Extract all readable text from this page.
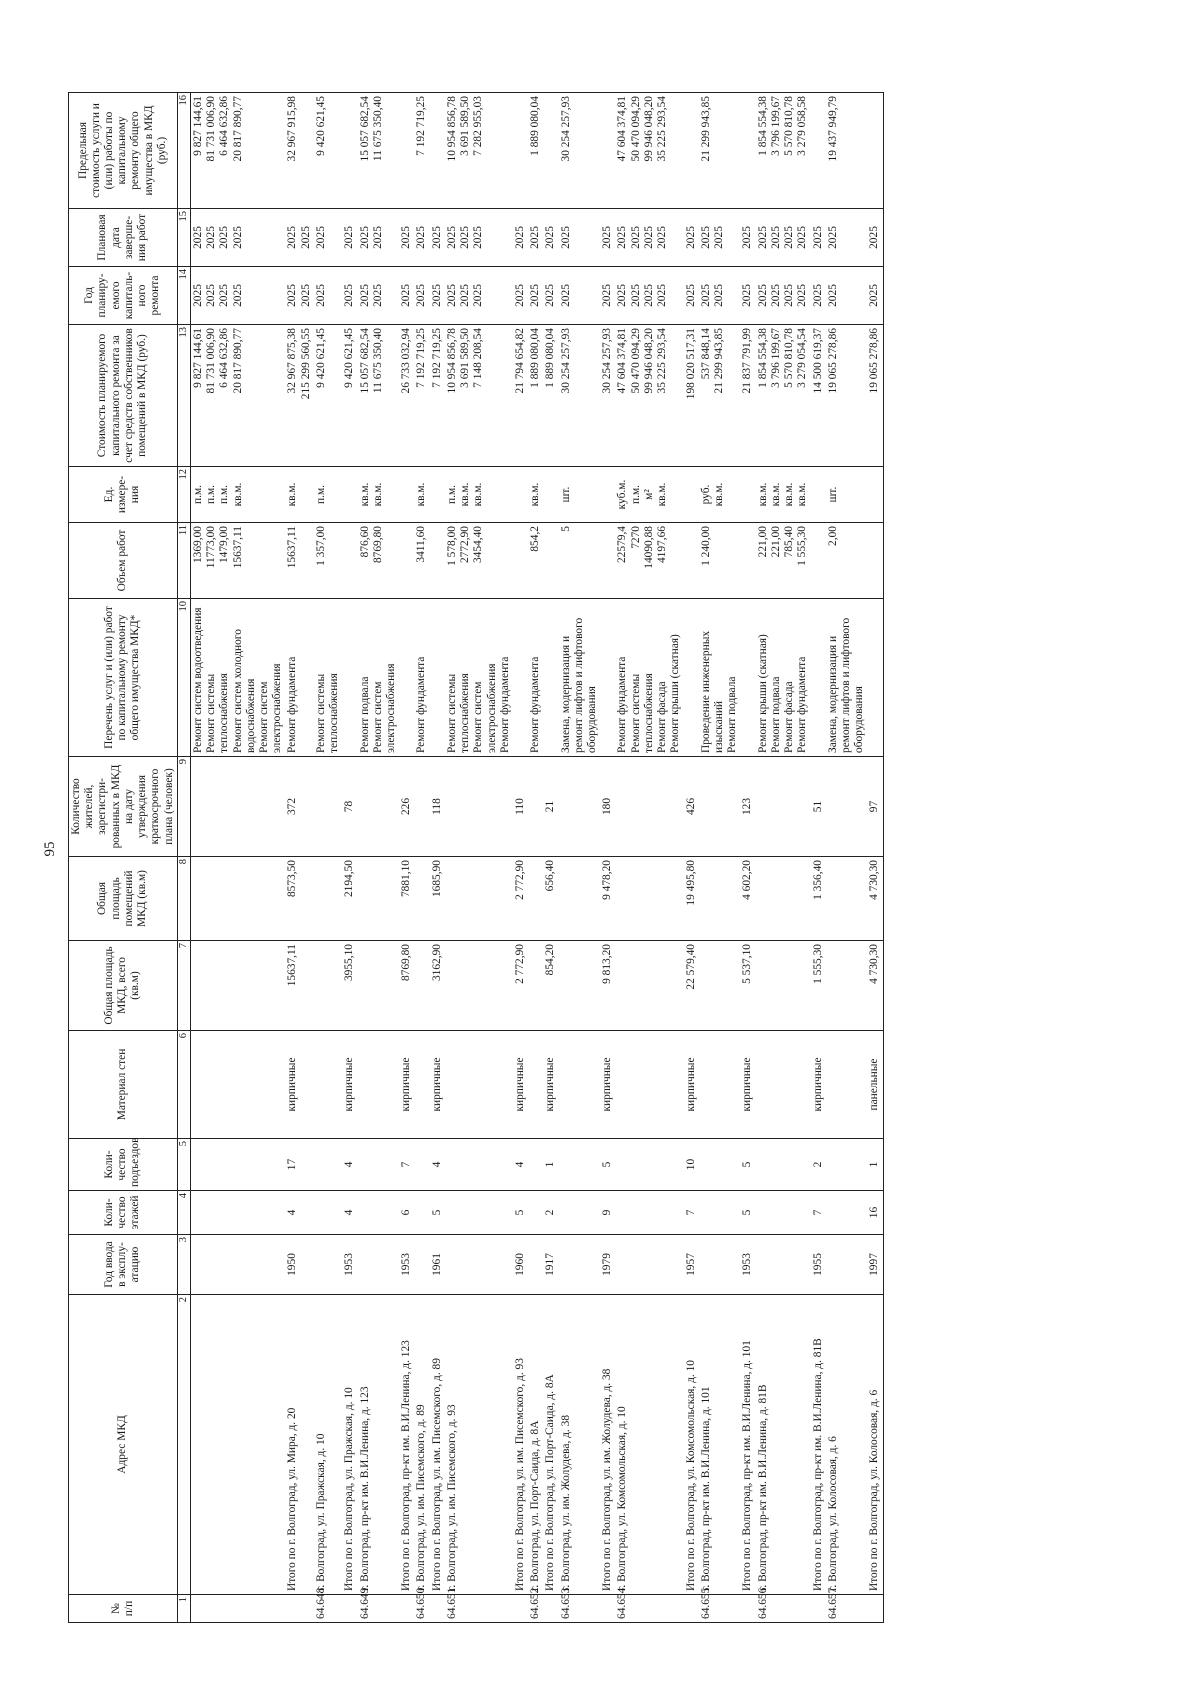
95
№ п/п	Адрес МКД	Год ввода в эксплу-атацию	Коли-чество этажей	Коли-чество подъездов	Материал стен	Общая площадь МКД, всего (кв.м)	Общая площадь помещений МКД (кв.м)	Количество жителей, зарегистри-рованных в МКД на дату утверждения краткосрочного плана (человек)	Перечень услуг и (или) работ по капитальному ремонту общего имущества МКД*	Объем работ	Ед. измере-ния	Стоимость планируемого капитального ремонта за счет средств собственников помещений в МКД (руб.)	Год планиру-емого капиталь-ного ремонта	Плановая дата заверше-ния работ	Предельная стоимость услуги и (или) работы по капитальному ремонту общего имущества в МКД (руб.)
1	2	3	4	5	6	7	8	9	10	11	12	13	14	15	16

									Ремонт систем водоотведения Ремонт системы теплоснабжения Ремонт систем холодного водоснабжения Ремонт систем электроснабжения	1369,00 11773,00 1479,00 15637,11	п.м. п.м. п.м. кв.м.	9 827 144,61 81 731 006,90 6 464 632,86 20 817 890,77	2025 2025 2025 2025	2025 2025 2025 2025	9 827 144,61 81 731 006,90 6 464 632,86 20 817 890,77

	Итого по г. Волгоград, ул. Мира, д. 20	1950	4	17	кирпичные	15637,11	8573,50	372	Ремонт фундамента	15637,11	кв.м.	32 967 875,38 215 299 560,55	2025 2025	2025 2025	32 967 915,98

64.648.	г. Волгоград, ул. Пражская, д. 10								Ремонт системы теплоснабжения	1 357,00	п.м.	9 420 621,45	2025	2025	9 420 621,45

	Итого по г. Волгоград, ул. Пражская, д. 10	1953	4	4	кирпичные	3955,10	2194,50	78				9 420 621,45	2025	2025	

64.649.	г. Волгоград, пр-кт им. В.И.Ленина, д. 123								Ремонт подвала Ремонт систем электроснабжения	876,60 8769,80	кв.м. кв.м.	15 057 682,54 11 675 350,40	2025 2025	2025 2025	15 057 682,54 11 675 350,40

	Итого по г. Волгоград, пр-кт им. В.И.Ленина, д. 123	1953	6	7	кирпичные	8769,80	7881,10	226				26 733 032,94	2025	2025	

64.650.	г. Волгоград, ул. им. Писемского, д. 89								Ремонт фундамента	3411,60	кв.м.	7 192 719,25	2025	2025	7 192 719,25

	Итого по г. Волгоград, ул. им. Писемского, д. 89	1961	5	4	кирпичные	3162,90	1685,90	118				7 192 719,25	2025	2025	

64.651.	г. Волгоград, ул. им. Писемского, д. 93								Ремонт системы теплоснабжения Ремонт систем электроснабжения Ремонт фундамента	1 578,00 2772,90 3454,40	п.м. кв.м. кв.м.	10 954 856,78 3 691 589,50 7 148 208,54	2025 2025 2025	2025 2025 2025	10 954 856,78 3 691 589,50 7 282 955,03

	Итого по г. Волгоград, ул. им. Писемского, д. 93	1960	5	4	кирпичные	2 772,90	2 772,90	110				21 794 654,82	2025	2025	

64.652.	г. Волгоград, ул. Порт-Саида, д. 8А								Ремонт фундамента	854,2	кв.м.	1 889 080,04	2025	2025	1 889 080,04

	Итого по г. Волгоград, ул. Порт-Саида, д. 8А	1917	2	1	кирпичные	854,20	656,40	21				1 889 080,04	2025	2025	

64.653.	г. Волгоград, ул. им. Жолудева, д. 38								Замена, модернизация и ремонт лифтов и лифтового оборудования	5	шт.	30 254 257,93	2025	2025	30 254 257,93

	Итого по г. Волгоград, ул. им. Жолудева, д. 38	1979	9	5	кирпичные	9 813,20	9 478,20	180				30 254 257,93	2025	2025	

64.654.	г. Волгоград, ул. Комсомольская, д. 10								Ремонт фундамента Ремонт системы теплоснабжения Ремонт фасада Ремонт крыши (скатная)	22579,4 7270 14090,88 4197,66	куб.м. п.м. м² кв.м.	47 604 374,81 50 470 094,29 99 946 048,20 35 225 293,54	2025 2025 2025 2025	2025 2025 2025 2025	47 604 374,81 50 470 094,29 99 946 048,20 35 225 293,54

	Итого по г. Волгоград, ул. Комсомольская, д. 10	1957	7	10	кирпичные	22 579,40	19 495,80	426				198 020 517,31	2025	2025	

64.655.	г. Волгоград, пр-кт им. В.И.Ленина, д. 101								Проведение инженерных изысканий Ремонт подвала	1 240,00	руб. кв.м.	537 848,14 21 299 943,85	2025 2025	2025 2025	21 299 943,85

	Итого по г. Волгоград, пр-кт им. В.И.Ленина, д. 101	1953	5	5	кирпичные	5 537,10	4 602,20	123				21 837 791,99	2025	2025	

64.656.	г. Волгоград, пр-кт им. В.И.Ленина, д. 81В								Ремонт крыши (скатная) Ремонт подвала Ремонт фасада Ремонт фундамента	221,00 221,00 785,40 1 555,30	кв.м. кв.м. кв.м. кв.м.	1 854 554,38 3 796 199,67 5 570 810,78 3 279 054,54	2025 2025 2025 2025	2025 2025 2025 2025	1 854 554,38 3 796 199,67 5 570 810,78 3 279 058,58

	Итого по г. Волгоград, пр-кт им. В.И.Ленина, д. 81В	1955	7	2	кирпичные	1 555,30	1 356,40	51				14 500 619,37	2025	2025	

64.657.	г. Волгоград, ул. Колосовая, д. 6								Замена, модернизация и ремонт лифтов и лифтового оборудования	2,00	шт.	19 065 278,86	2025	2025	19 437 949,79

	Итого по г. Волгоград, ул. Колосовая, д. 6	1997	16	1	панельные	4 730,30	4 730,30	97				19 065 278,86	2025	2025	
